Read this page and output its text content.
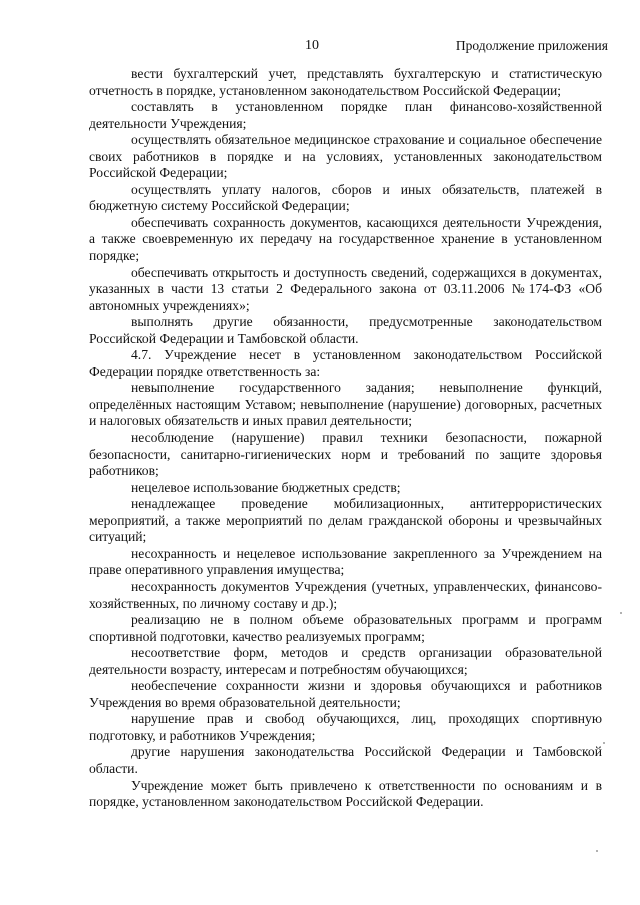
10	Продолжение приложения

вести бухгалтерский учет, представлять бухгалтерскую и статистическую отчетность в порядке, установленном законодательством Российской Федерации;

составлять в установленном порядке план финансово-хозяйственной деятельности Учреждения;

осуществлять обязательное медицинское страхование и социальное обеспечение своих работников в порядке и на условиях, установленных законодательством Российской Федерации;

осуществлять уплату налогов, сборов и иных обязательств, платежей в бюджетную систему Российской Федерации;

обеспечивать сохранность документов, касающихся деятельности Учреждения, а также своевременную их передачу на государственное хранение в установленном порядке;

обеспечивать открытость и доступность сведений, содержащихся в документах, указанных в части 13 статьи 2 Федерального закона от 03.11.2006 №174-ФЗ «Об автономных учреждениях»;

выполнять другие обязанности, предусмотренные законодательством Российской Федерации и Тамбовской области.

4.7. Учреждение несет в установленном законодательством Российской Федерации порядке ответственность за:

невыполнение государственного задания; невыполнение функций, определённых настоящим Уставом; невыполнение (нарушение) договорных, расчетных и налоговых обязательств и иных правил деятельности;

несоблюдение (нарушение) правил техники безопасности, пожарной безопасности, санитарно-гигиенических норм и требований по защите здоровья работников;

нецелевое использование бюджетных средств;

ненадлежащее проведение мобилизационных, антитеррористических мероприятий, а также мероприятий по делам гражданской обороны и чрезвычайных ситуаций;

несохранность и нецелевое использование закрепленного за Учреждением на праве оперативного управления имущества;

несохранность документов Учреждения (учетных, управленческих, финансово-хозяйственных, по личному составу и др.);

реализацию не в полном объеме образовательных программ и программ спортивной подготовки, качество реализуемых программ;

несоответствие форм, методов и средств организации образовательной деятельности возрасту, интересам и потребностям обучающихся;

необеспечение сохранности жизни и здоровья обучающихся и работников Учреждения во время образовательной деятельности;

нарушение прав и свобод обучающихся, лиц, проходящих спортивную подготовку, и работников Учреждения;

другие нарушения законодательства Российской Федерации и Тамбовской области.

Учреждение может быть привлечено к ответственности по основаниям и в порядке, установленном законодательством Российской Федерации.
